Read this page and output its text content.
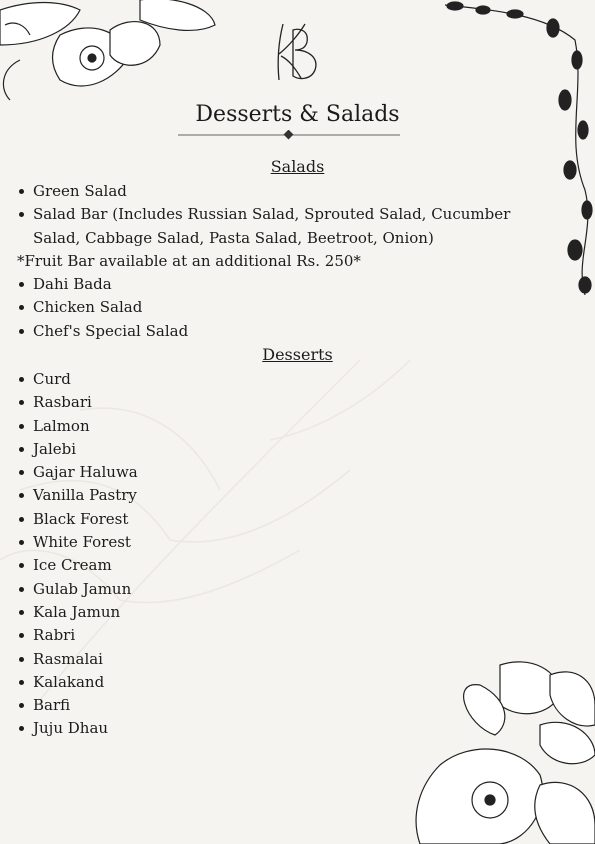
KB
Desserts & Salads
Salads
Green Salad
Salad Bar (Includes Russian Salad, Sprouted Salad, Cucumber Salad, Cabbage Salad, Pasta Salad, Beetroot, Onion)
*Fruit Bar available at an additional Rs. 250*
Dahi Bada
Chicken Salad
Chef's Special Salad
Desserts
Curd
Rasbari
Lalmon
Jalebi
Gajar Haluwa
Vanilla Pastry
Black Forest
White Forest
Ice Cream
Gulab Jamun
Kala Jamun
Rabri
Rasmalai
Kalakand
Barfi
Juju Dhau
